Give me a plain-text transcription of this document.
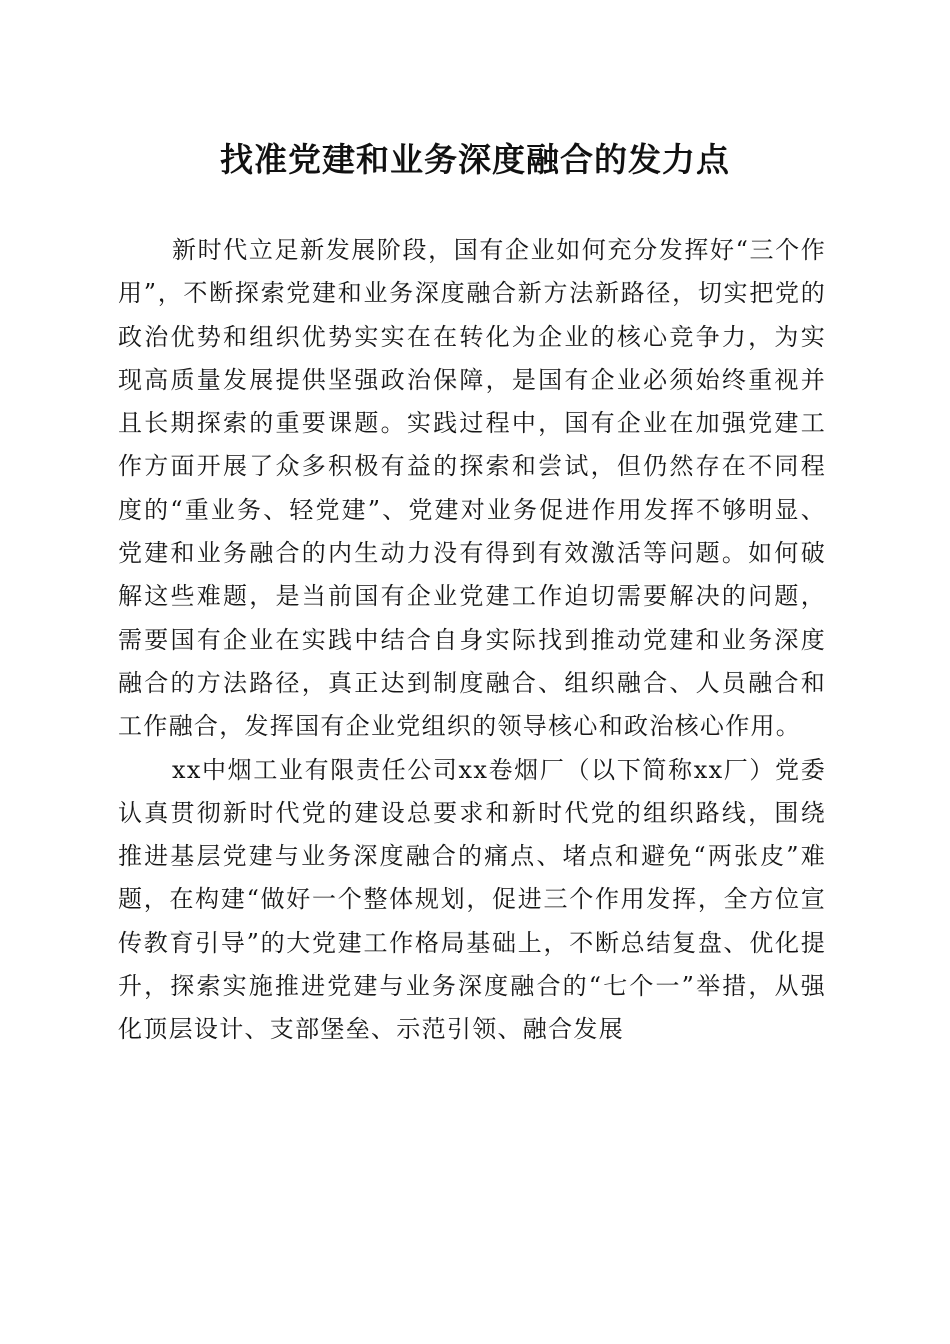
找准党建和业务深度融合的发力点

新时代立足新发展阶段，国有企业如何充分发挥好“三个作用”，不断探索党建和业务深度融合新方法新路径，切实把党的政治优势和组织优势实实在在转化为企业的核心竞争力，为实现高质量发展提供坚强政治保障，是国有企业必须始终重视并且长期探索的重要课题。实践过程中，国有企业在加强党建工作方面开展了众多积极有益的探索和尝试，但仍然存在不同程度的“重业务、轻党建”、党建对业务促进作用发挥不够明显、党建和业务融合的内生动力没有得到有效激活等问题。如何破解这些难题，是当前国有企业党建工作迫切需要解决的问题，需要国有企业在实践中结合自身实际找到推动党建和业务深度融合的方法路径，真正达到制度融合、组织融合、人员融合和工作融合，发挥国有企业党组织的领导核心和政治核心作用。

xx中烟工业有限责任公司xx卷烟厂（以下简称xx厂）党委认真贯彻新时代党的建设总要求和新时代党的组织路线，围绕推进基层党建与业务深度融合的痛点、堵点和避免“两张皮”难题，在构建“做好一个整体规划，促进三个作用发挥，全方位宣传教育引导”的大党建工作格局基础上，不断总结复盘、优化提升，探索实施推进党建与业务深度融合的“七个一”举措，从强化顶层设计、支部堡垒、示范引领、融合发展
